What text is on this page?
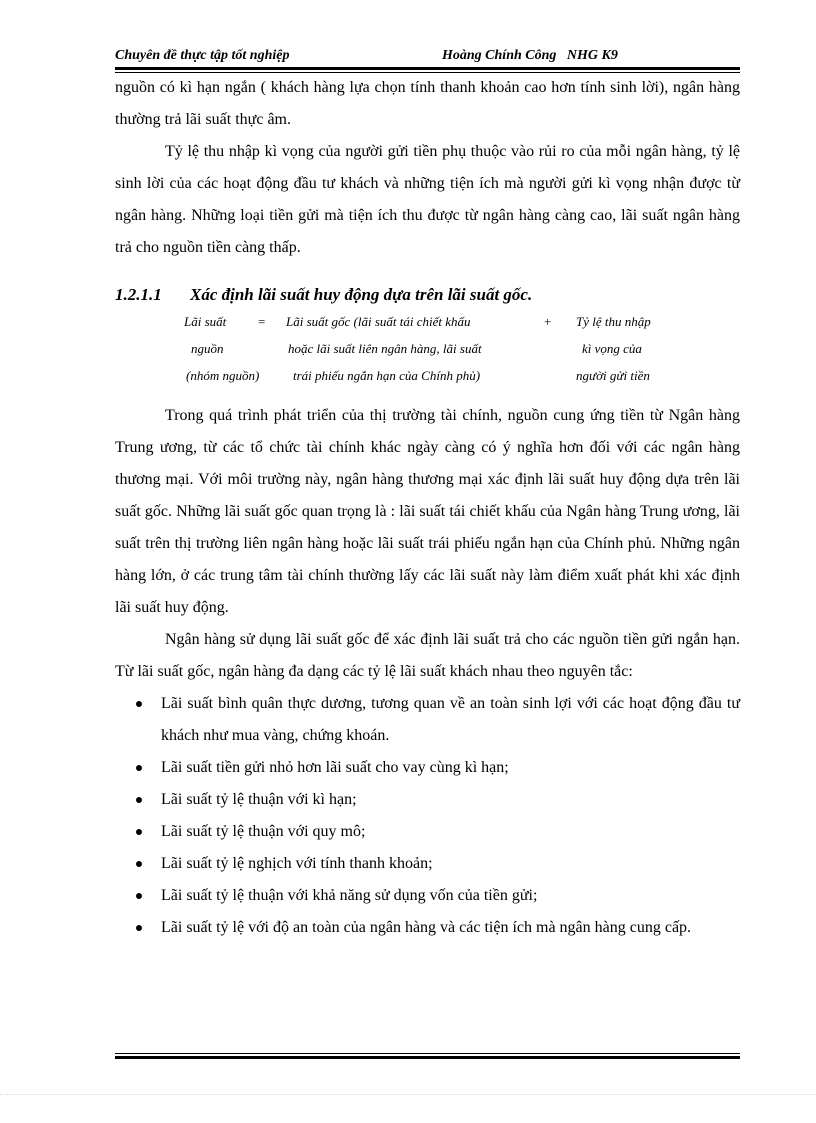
Chuyên đề thực tập tốt nghiệp	Hoàng Chính Công   NHG K9

nguồn có kì hạn ngắn ( khách hàng lựa chọn tính thanh khoản cao hơn tính sinh lời), ngân hàng thường trả lãi suất thực âm.

Tỷ lệ thu nhập kì vọng của người gửi tiền phụ thuộc vào rủi ro của mỗi ngân hàng, tỷ lệ sinh lời của các hoạt động đầu tư khách và những tiện ích mà người gửi kì vọng nhận được từ ngân hàng. Những loại tiền gửi mà tiện ích thu được từ ngân hàng càng cao, lãi suất ngân hàng trả cho nguồn tiền càng thấp.

1.2.1.1 Xác định lãi suất huy động dựa trên lãi suất gốc.
Lãi suất
nguồn
(nhóm nguồn)
= Lãi suất gốc (lãi suất tái chiết khấu
hoặc lãi suất liên ngân hàng, lãi suất
trái phiếu ngắn hạn của Chính phủ)
+ Tỷ lệ thu nhập
kì vọng của
người gửi tiền

Trong quá trình phát triển của thị trường tài chính, nguồn cung ứng tiền từ Ngân hàng Trung ương, từ các tổ chức tài chính khác ngày càng có ý nghĩa hơn đối với các ngân hàng thương mại. Với môi trường này, ngân hàng thương mại xác định lãi suất huy động dựa trên lãi suất gốc. Những lãi suất gốc quan trọng là : lãi suất tái chiết khấu của Ngân hàng Trung ương, lãi suất trên thị trường liên ngân hàng hoặc lãi suất trái phiếu ngắn hạn của Chính phủ. Những ngân hàng lớn, ở các trung tâm tài chính thường lấy các lãi suất này làm điểm xuất phát khi xác định lãi suất huy động.

Ngân hàng sử dụng lãi suất gốc để xác định lãi suất trả cho các nguồn tiền gửi ngắn hạn. Từ lãi suất gốc, ngân hàng đa dạng các tỷ lệ lãi suất khách nhau theo nguyên tắc:

Lãi suất bình quân thực dương, tương quan về an toàn sinh lợi với các hoạt động đầu tư khách như mua vàng, chứng khoán.
Lãi suất tiền gửi nhỏ hơn lãi suất cho vay cùng kì hạn;
Lãi suất tỷ lệ thuận với kì hạn;
Lãi suất tỷ lệ thuận với quy mô;
Lãi suất tỷ lệ nghịch với tính thanh khoản;
Lãi suất tỷ lệ thuận với khả năng sử dụng vốn của tiền gửi;
Lãi suất tỷ lệ với độ an toàn của ngân hàng và các tiện ích mà ngân hàng cung cấp.
